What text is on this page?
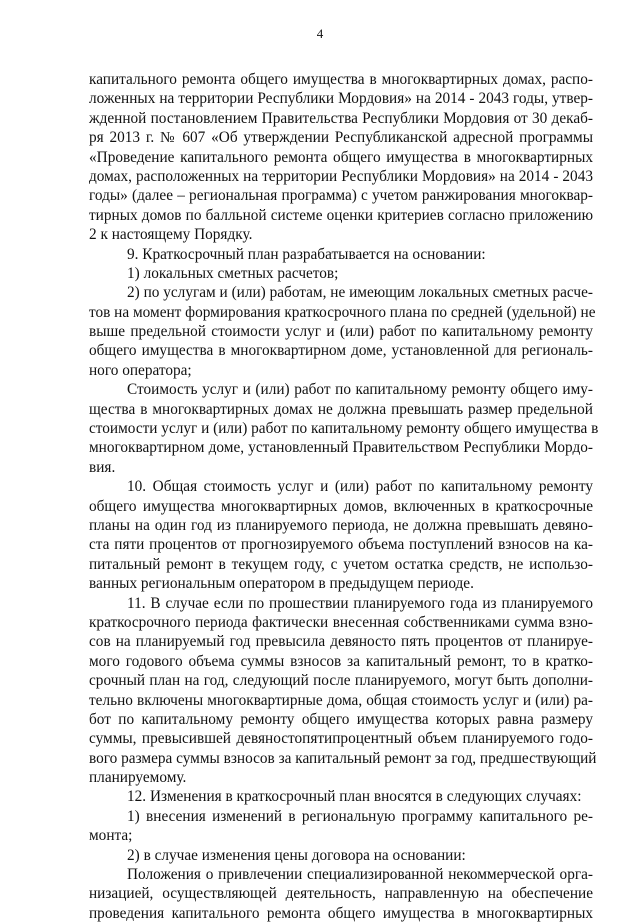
4
капитального ремонта общего имущества в многоквартирных домах, распо-
ложенных на территории Республики Мордовия» на 2014 - 2043 годы, утвер-
жденной постановлением Правительства Республики Мордовия от 30 декаб-
ря 2013 г. № 607 «Об утверждении Республиканской адресной программы
«Проведение капитального ремонта общего имущества в многоквартирных
домах, расположенных на территории Республики Мордовия» на 2014 - 2043
годы» (далее – региональная программа) с учетом ранжирования многоквар-
тирных домов по балльной системе оценки критериев согласно приложению
2 к настоящему Порядку.
9. Краткосрочный план разрабатывается на основании:
1) локальных сметных расчетов;
2) по услугам и (или) работам, не имеющим локальных сметных расче-
тов на момент формирования краткосрочного плана по средней (удельной) не
выше предельной стоимости услуг и (или) работ по капитальному ремонту
общего имущества в многоквартирном доме, установленной для региональ-
ного оператора;
Стоимость услуг и (или) работ по капитальному ремонту общего иму-
щества в многоквартирных домах не должна превышать размер предельной
стоимости услуг и (или) работ по капитальному ремонту общего имущества в
многоквартирном доме, установленный Правительством Республики Мордо-
вия.
10. Общая стоимость услуг и (или) работ по капитальному ремонту
общего имущества многоквартирных домов, включенных в краткосрочные
планы на один год из планируемого периода, не должна превышать девяно-
ста пяти процентов от прогнозируемого объема поступлений взносов на ка-
питальный ремонт в текущем году, с учетом остатка средств, не использо-
ванных региональным оператором в предыдущем периоде.
11. В случае если по прошествии планируемого года из планируемого
краткосрочного периода фактически внесенная собственниками сумма взно-
сов на планируемый год превысила девяносто пять процентов от планируе-
мого годового объема суммы взносов за капитальный ремонт, то в кратко-
срочный план на год, следующий после планируемого, могут быть дополни-
тельно включены многоквартирные дома, общая стоимость услуг и (или) ра-
бот по капитальному ремонту общего имущества которых равна размеру
суммы, превысившей девяностопятипроцентный объем планируемого годо-
вого размера суммы взносов за капитальный ремонт за год, предшествующий
планируемому.
12. Изменения в краткосрочный план вносятся в следующих случаях:
1) внесения изменений в региональную программу капитального ре-
монта;
2) в случае изменения цены договора на основании:
Положения о привлечении специализированной некоммерческой орга-
низацией, осуществляющей деятельность, направленную на обеспечение
проведения капитального ремонта общего имущества в многоквартирных
